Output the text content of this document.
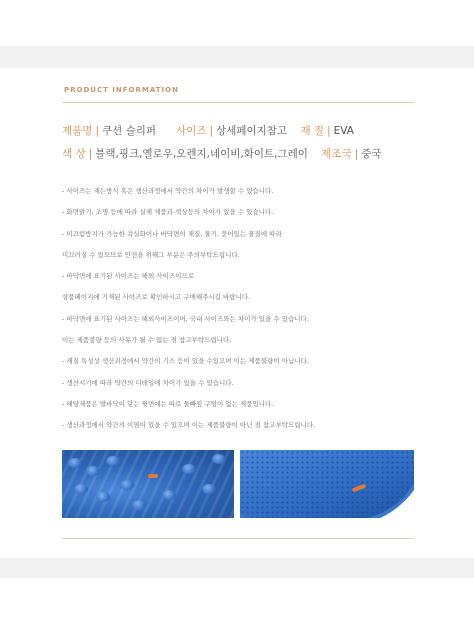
PRODUCT INFORMATION
제품명 | 쿠션 슬리퍼 사이즈 | 상세페이지참고 재 질 | EVA
색 상 | 블랙,핑크,옐로우,오렌지,네이비,화이트,그레이 제조국 | 중국
- 사이즈는 재는방식 혹은 생산과정에서 약간의 차이가 발생할 수 있습니다.
- 화면밝기, 조명 등에 따라 실제 제품과 색상등의 차이가 있을 수 있습니다.
- 미끄럼방지가 가능한 욕실화이나 바닥면의 재질, 물기, 묻어있는 물질에 따라
미끄러질 수 있으므로 안전을 위해그 부분은 주의부탁드립니다.
- 바닥면에 표기된 사이즈는 해외 사이즈이므로
상품페이지에 기재된 사이즈로 확인하시고 구매해주시길 바랍니다.
- 바닥면에 표기된 사이즈는 해외사이즈이며, 국내 사이즈와는 차이가 있을 수 있습니다.
이는 제품불량 등의 사유가 될 수 없는 점 참고부탁드립니다.
- 재질 특성상 생산과정에서 약간의 기스 등이 있을 수있으며 이는 제품불량이 아닙니다.
- 생산시기에 따라 약간의 디테일에 차이가 있을 수 있습니다.
- 해당제품은 발바닥이 닿는 윗면에는 따로 물빠짐 구멍이 없는 제품입니다.
- 생산과정에서 약간의 이염이 있을 수 있으며 이는 제품불량이 아닌 점 참고부탁드립니다.
